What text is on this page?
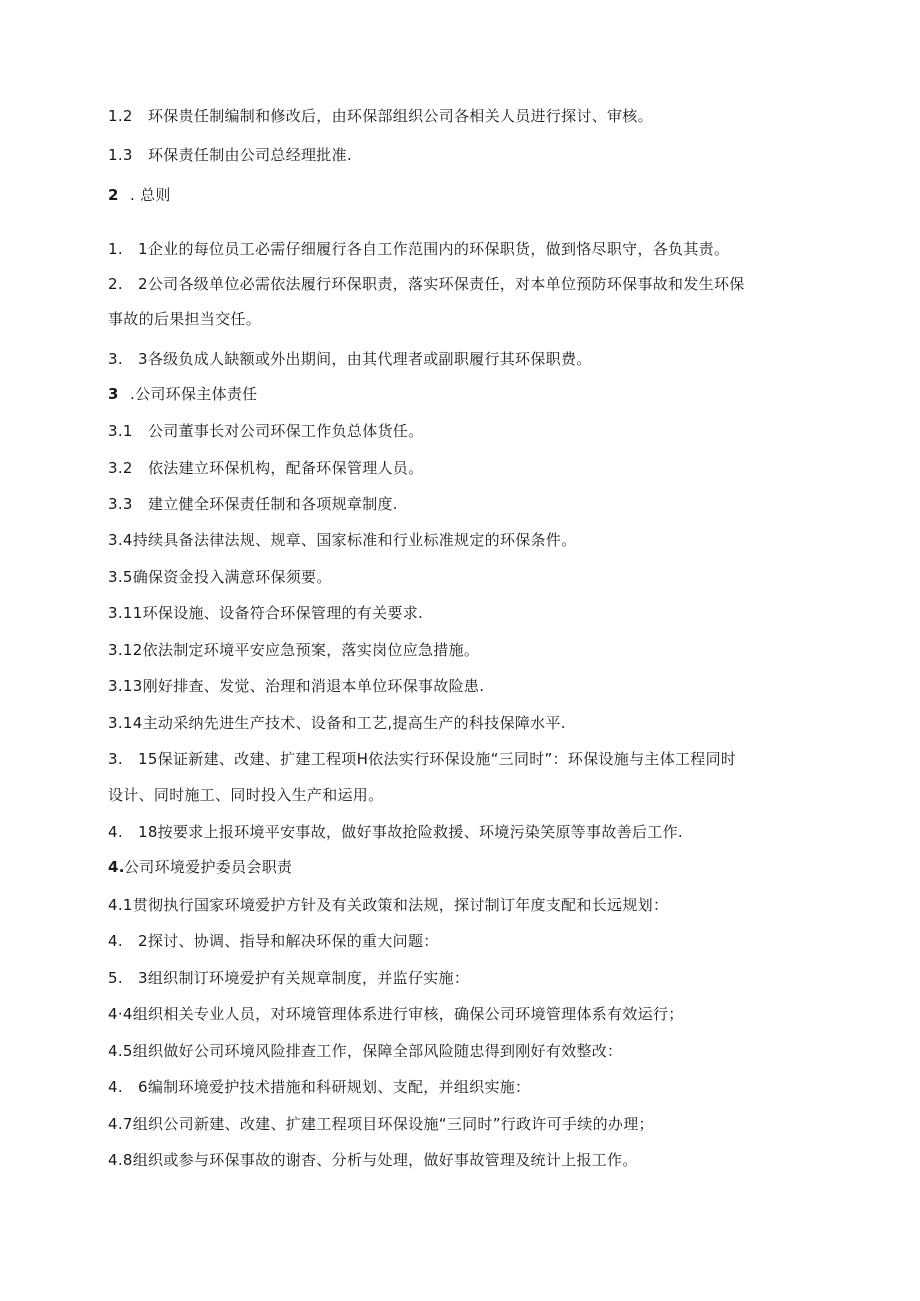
1.2 环保贵任制编制和修改后，由环保部组织公司各相关人员进行探讨、审核。
1.3 环保责任制由公司总经理批准.
2 . 总则
1. 1企业的每位员工必需仔细履行各自工作范围内的环保职货，做到恪尽职守，各负其责。
2. 2公司各级单位必需依法履行环保职责，落实环保责任，对本单位预防环保事故和发生环保
事故的后果担当交任。
3. 3各级负成人缺额或外出期间，由其代理者或副职履行其环保职费。
3 .公司环保主体责任
3.1 公司董事长对公司环保工作负总体货任。
3.2 依法建立环保机构，配备环保管理人员。
3.3 建立健全环保责任制和各项规章制度.
3.4持续具备法律法规、规章、国家标准和行业标准规定的环保条件。
3.5确保资金投入满意环保须要。
3.11环保设施、设备符合环保管理的有关要求.
3.12依法制定环境平安应急预案，落实岗位应急措施。
3.13刚好排查、发觉、治理和消退本单位环保事故险患.
3.14主动采纳先进生产技术、设备和工艺,提高生产的科技保障水平.
3. 15保证新建、改建、扩建工程项H依法实行环保设施“三同时”：环保设施与主体工程同时
设计、同时施工、同时投入生产和运用。
4. 18按要求上报环境平安事故，做好事故抢险救援、环境污染笑原等事故善后工作.
4.公司环境爱护委员会职责
4.1贯彻执行国家环境爱护方针及有关政策和法规，探讨制订年度支配和长远规划：
4. 2探讨、协调、指导和解决环保的重大问题：
5. 3组织制订环境爱护有关规章制度，并监仔实施：
4·4组织相关专业人员，对环境管理体系进行审核，确保公司环境管理体系有效运行；
4.5组织做好公司环境风险排查工作，保障全部风险随忠得到刚好有效整改：
4. 6编制环境爱护技术措施和科研规划、支配，并组织实施：
4.7组织公司新建、改建、扩建工程项目环保设施“三同时”行政许可手续的办理；
4.8组织或参与环保事故的谢杳、分析与处理，做好事故管理及统计上报工作。
